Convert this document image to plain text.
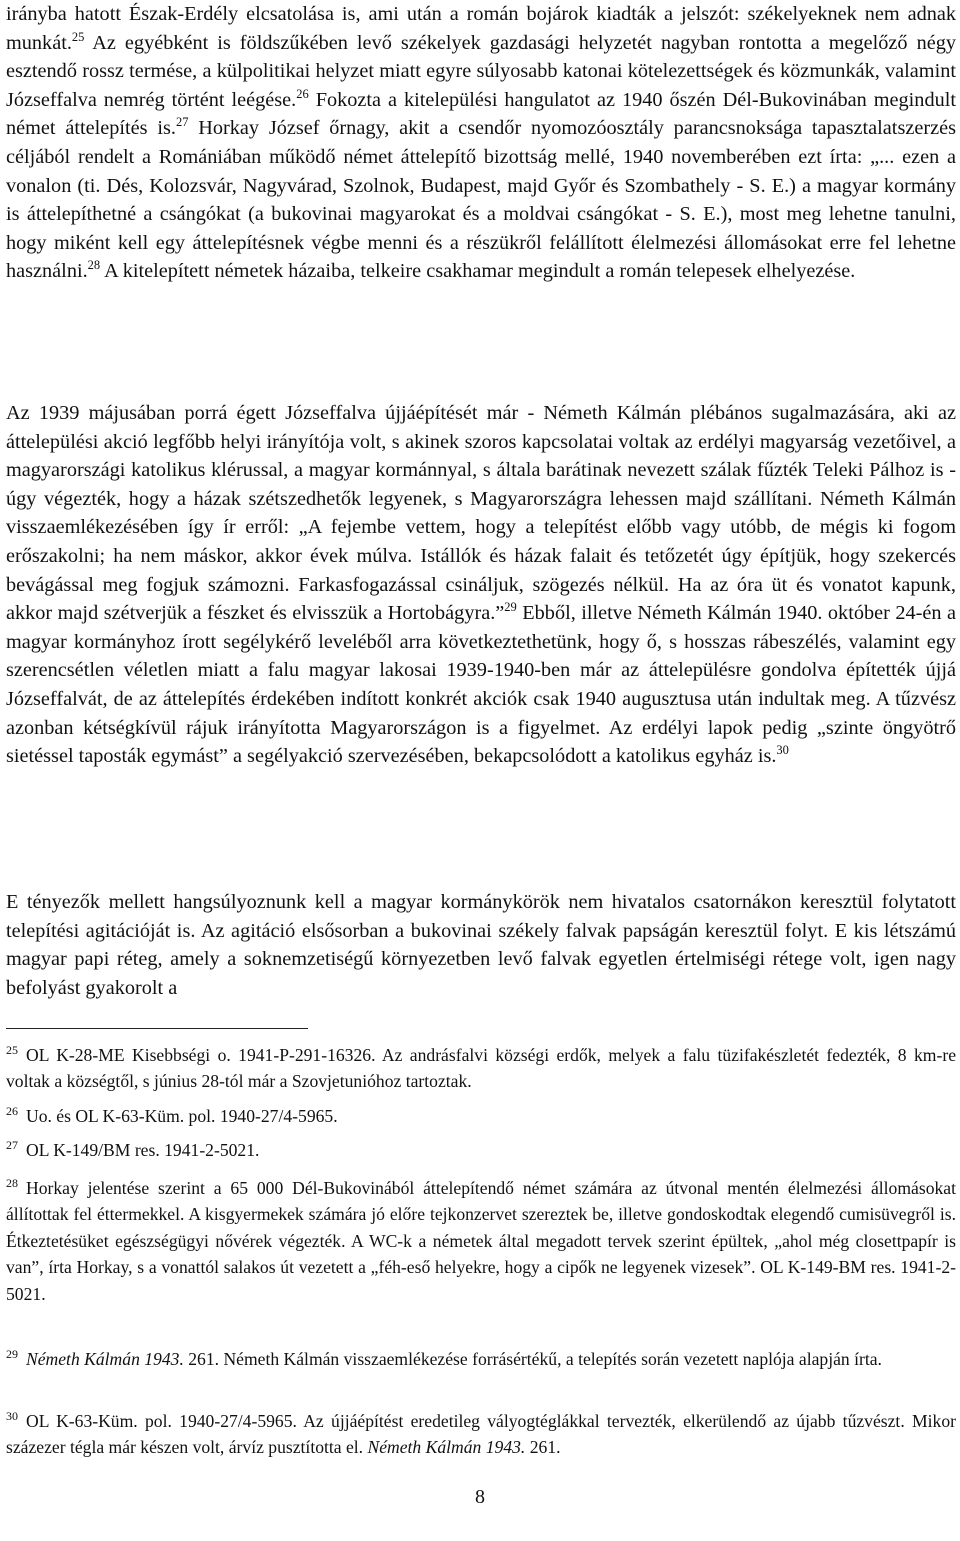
irányba hatott Észak-Erdély elcsatolása is, ami után a román bojárok kiadták a jelszót: székelyeknek nem adnak munkát.$^{25}$ Az egyébként is földszűkében levő székelyek gazdasági helyzetét nagyban rontotta a megelőző négy esztendő rossz termése, a külpolitikai helyzet miatt egyre súlyosabb katonai kötelezettségek és közmunkák, valamint Józseffalva nemrég történt leégése.$^{26}$ Fokozta a kitelepülési hangulatot az 1940 őszén Dél-Bukovinában megindult német áttelepítés is.$^{27}$ Horkay József őrnagy, akit a csendőr nyomozóosztály parancsnoksága tapasztalatszerzés céljából rendelt a Romániában működő német áttelepítő bizottság mellé, 1940 novemberében ezt írta: „... ezen a vonalon (ti. Dés, Kolozsvár, Nagyvárad, Szolnok, Budapest, majd Győr és Szombathely - S. E.) a magyar kormány is áttelepíthetné a csángókat (a bukovinai magyarokat és a moldvai csángókat - S. E.), most meg lehetne tanulni, hogy miként kell egy áttelepítésnek végbe menni és a részükről felállított élelmezési állomásokat erre fel lehetne használni.$^{28}$ A kitelepített németek házaiba, telkeire csakhamar megindult a román telepesek elhelyezése.

Az 1939 májusában porrá égett Józseffalva újjáépítését már - Németh Kálmán plébános sugalmazására, aki az áttelepülési akció legfőbb helyi irányítója volt, s akinek szoros kapcsolatai voltak az erdélyi magyarság vezetőivel, a magyarországi katolikus klérussal, a magyar kormánnyal, s általa barátinak nevezett szálak fűzték Teleki Pálhoz is - úgy végezték, hogy a házak szétszedhetők legyenek, s Magyarországra lehessen majd szállítani. Németh Kálmán visszaemlékezésében így ír erről: „A fejembe vettem, hogy a telepítést előbb vagy utóbb, de mégis ki fogom erőszakolni; ha nem máskor, akkor évek múlva. Istállók és házak falait és tetőzetét úgy építjük, hogy szekercés bevágással meg fogjuk számozni. Farkasfogazással csináljuk, szögezés nélkül. Ha az óra üt és vonatot kapunk, akkor majd szétverjük a fészket és elvisszük a Hortobágyra.”$^{29}$ Ebből, illetve Németh Kálmán 1940. október 24-én a magyar kormányhoz írott segélykérő leveléből arra következtethetünk, hogy ő, s hosszas rábeszélés, valamint egy szerencsétlen véletlen miatt a falu magyar lakosai 1939-1940-ben már az áttelepülésre gondolva építették újjá Józseffalvát, de az áttelepítés érdekében indított konkrét akciók csak 1940 augusztusa után indultak meg. A tűzvész azonban kétségkívül rájuk irányította Magyarországon is a figyelmet. Az erdélyi lapok pedig „szinte öngyötrő sietéssel taposták egymást” a segélyakció szervezésében, bekapcsolódott a katolikus egyház is.$^{30}$

E tényezők mellett hangsúlyoznunk kell a magyar kormánykörök nem hivatalos csatornákon keresztül folytatott telepítési agitációját is. Az agitáció elsősorban a bukovinai székely falvak papságán keresztül folyt. E kis létszámú magyar papi réteg, amely a soknemzetiségű környezetben levő falvak egyetlen értelmiségi rétege volt, igen nagy befolyást gyakorolt a

$^{25}$ OL K-28-ME Kisebbségi o. 1941-P-291-16326. Az andrásfalvi községi erdők, melyek a falu tüzifakészletét fedezték, 8 km-re voltak a községtől, s június 28-tól már a Szovjetunióhoz tartoztak.

$^{26}$ Uo. és OL K-63-Küm. pol. 1940-27/4-5965.

$^{27}$ OL K-149/BM res. 1941-2-5021.

$^{28}$ Horkay jelentése szerint a 65 000 Dél-Bukovinából áttelepítendő német számára az útvonal mentén élelmezési állomásokat állítottak fel éttermekkel. A kisgyermekek számára jó előre tejkonzervet szereztek be, illetve gondoskodtak elegendő cumisüvegről is. Étkeztetésüket egészségügyi nővérek végezték. A WC-k a németek által megadott tervek szerint épültek, „ahol még closettpapír is van”, írta Horkay, s a vonattól salakos út vezetett a „féh-eső helyekre, hogy a cipők ne legyenek vizesek”. OL K-149-BM res. 1941-2-5021.

$^{29}$ Németh Kálmán 1943. 261. Németh Kálmán visszaemlékezése forrásértékű, a telepítés során vezetett naplója alapján írta.

$^{30}$ OL K-63-Küm. pol. 1940-27/4-5965. Az újjáépítést eredetileg vályogtéglákkal tervezték, elkerülendő az újabb tűzvészt. Mikor százezer tégla már készen volt, árvíz pusztította el. Németh Kálmán 1943. 261.

8
